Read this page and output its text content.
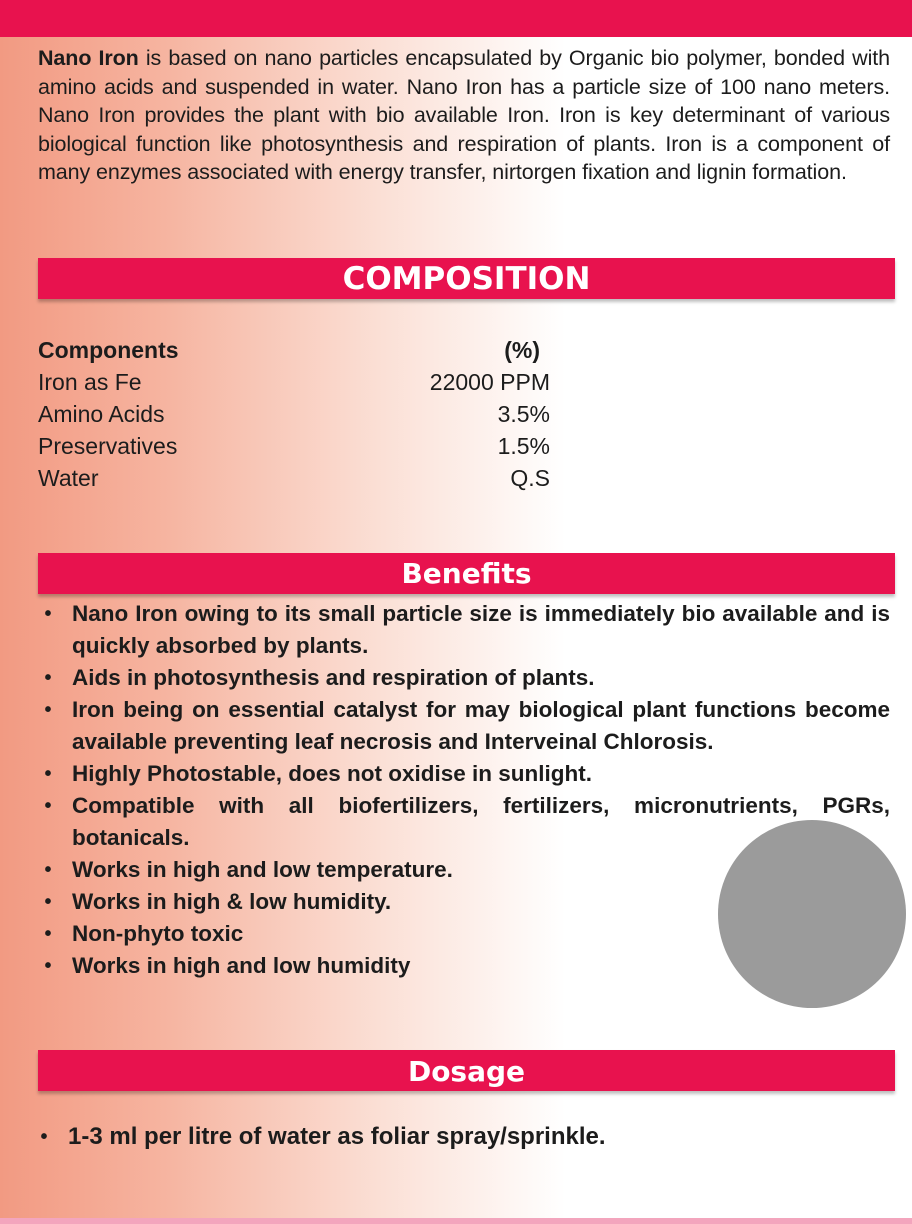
Nano Iron is based on nano particles encapsulated by Organic bio polymer, bonded with amino acids and suspended in water. Nano Iron has a particle size of 100 nano meters. Nano Iron provides the plant with bio available Iron. Iron is key determinant of various biological function like photosynthesis and respiration of plants. Iron is a component of many enzymes associated with energy transfer, nirtorgen fixation and lignin formation.

COMPOSITION
Components	(%)
Iron as Fe	22000 PPM
Amino Acids	3.5%
Preservatives	1.5%
Water	Q.S
Benefits
• Nano Iron owing to its small particle size is immediately bio available and is quickly absorbed by plants.
• Aids in photosynthesis and respiration of plants.
• Iron being on essential catalyst for may biological plant functions become available preventing leaf necrosis and Interveinal Chlorosis.
• Highly Photostable, does not oxidise in sunlight.
• Compatible with all biofertilizers, fertilizers, micronutrients, PGRs, botanicals.
• Works in high and low temperature.
• Works in high & low humidity.
• Non-phyto toxic
• Works in high and low humidity
Dosage
• 1-3 ml per litre of water as foliar spray/sprinkle.
